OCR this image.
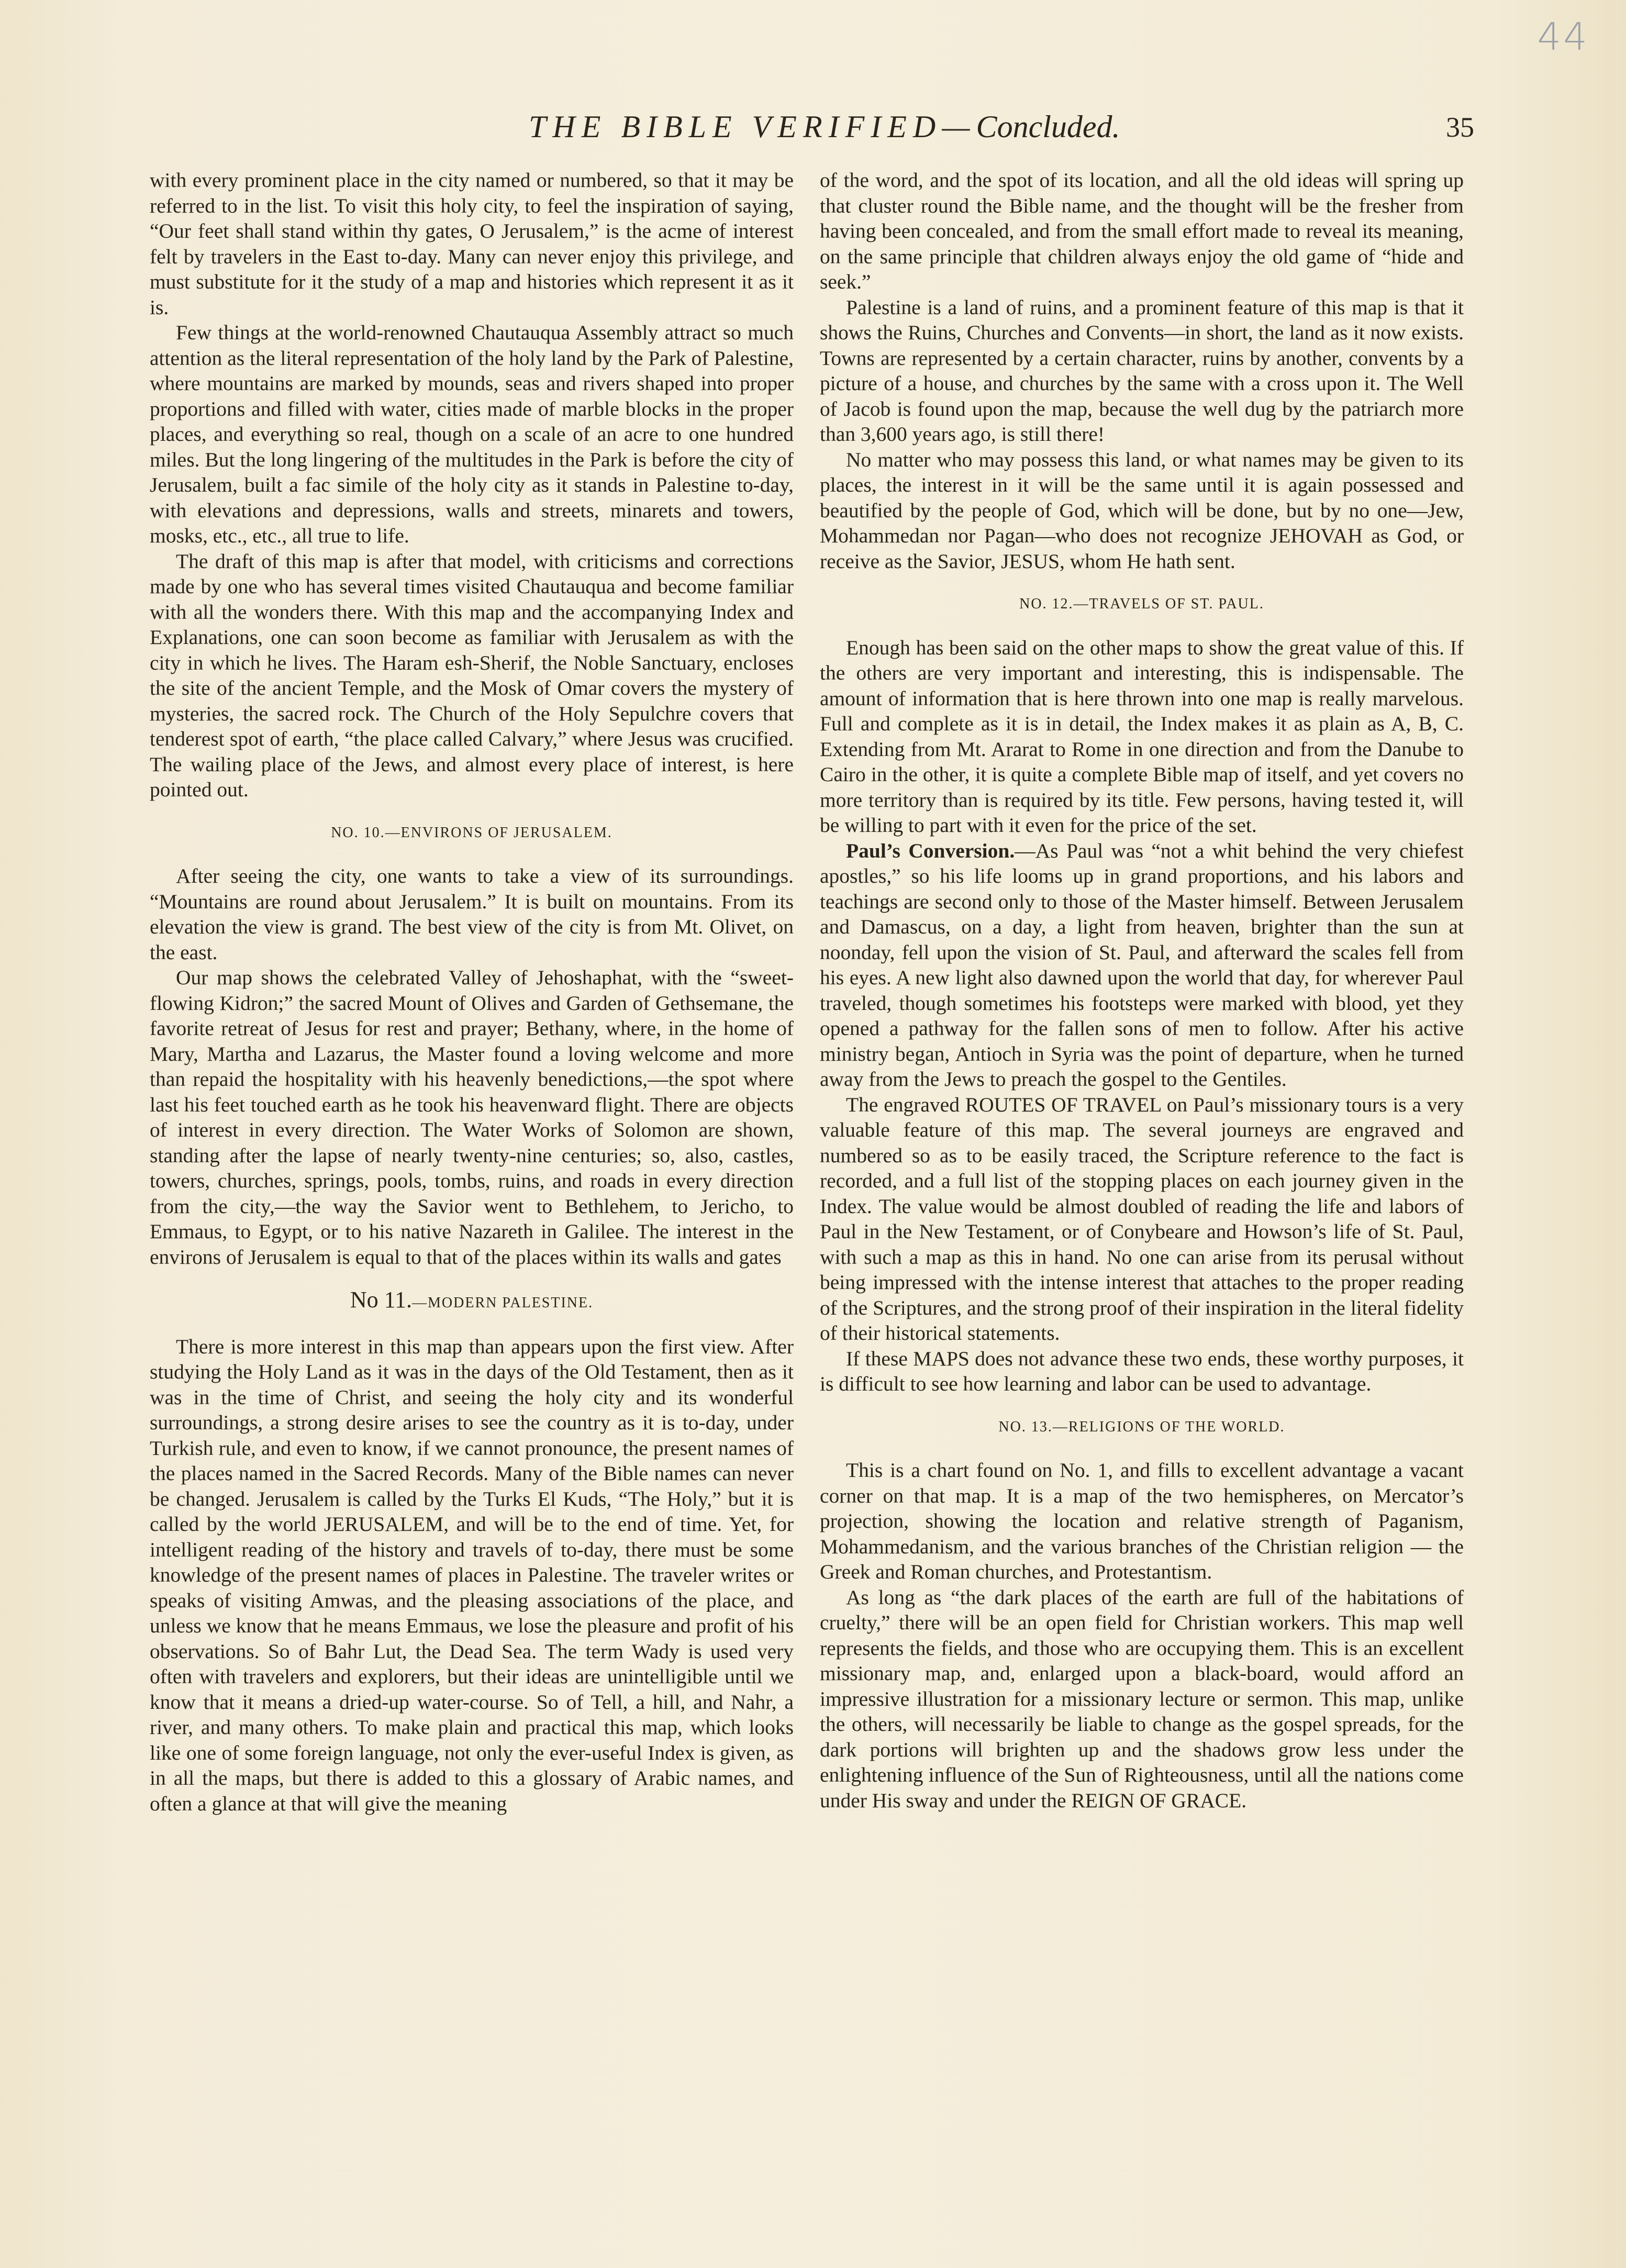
44
THE BIBLE VERIFIED—Concluded.	35

with every prominent place in the city named or numbered, so that it may be referred to in the list. To visit this holy city, to feel the inspiration of saying, “Our feet shall stand within thy gates, O Jerusalem,” is the acme of interest felt by travelers in the East to-day. Many can never enjoy this privilege, and must substitute for it the study of a map and histories which represent it as it is.

Few things at the world-renowned Chautauqua Assembly attract so much attention as the literal representation of the holy land by the Park of Palestine, where mountains are marked by mounds, seas and rivers shaped into proper proportions and filled with water, cities made of marble blocks in the proper places, and everything so real, though on a scale of an acre to one hundred miles. But the long lingering of the multitudes in the Park is before the city of Jerusalem, built a fac simile of the holy city as it stands in Palestine to-day, with elevations and depressions, walls and streets, minarets and towers, mosks, etc., etc., all true to life.

The draft of this map is after that model, with criticisms and corrections made by one who has several times visited Chautauqua and become familiar with all the wonders there. With this map and the accompanying Index and Explanations, one can soon become as familiar with Jerusalem as with the city in which he lives. The Haram esh-Sherif, the Noble Sanctuary, encloses the site of the ancient Temple, and the Mosk of Omar covers the mystery of mysteries, the sacred rock. The Church of the Holy Sepulchre covers that tenderest spot of earth, “the place called Calvary,” where Jesus was crucified. The wailing place of the Jews, and almost every place of interest, is here pointed out.

NO. 10.—ENVIRONS OF JERUSALEM.

After seeing the city, one wants to take a view of its surroundings. “Mountains are round about Jerusalem.” It is built on mountains. From its elevation the view is grand. The best view of the city is from Mt. Olivet, on the east.

Our map shows the celebrated Valley of Jehoshaphat, with the “sweet-flowing Kidron;” the sacred Mount of Olives and Garden of Gethsemane, the favorite retreat of Jesus for rest and prayer; Bethany, where, in the home of Mary, Martha and Lazarus, the Master found a loving welcome and more than repaid the hospitality with his heavenly benedictions,—the spot where last his feet touched earth as he took his heavenward flight. There are objects of interest in every direction. The Water Works of Solomon are shown, standing after the lapse of nearly twenty-nine centuries; so, also, castles, towers, churches, springs, pools, tombs, ruins, and roads in every direction from the city,—the way the Savior went to Bethlehem, to Jericho, to Emmaus, to Egypt, or to his native Nazareth in Galilee. The interest in the environs of Jerusalem is equal to that of the places within its walls and gates

No 11.—MODERN PALESTINE.

There is more interest in this map than appears upon the first view. After studying the Holy Land as it was in the days of the Old Testament, then as it was in the time of Christ, and seeing the holy city and its wonderful surroundings, a strong desire arises to see the country as it is to-day, under Turkish rule, and even to know, if we cannot pronounce, the present names of the places named in the Sacred Records. Many of the Bible names can never be changed. Jerusalem is called by the Turks El Kuds, “The Holy,” but it is called by the world JERUSALEM, and will be to the end of time. Yet, for intelligent reading of the history and travels of to-day, there must be some knowledge of the present names of places in Palestine. The traveler writes or speaks of visiting Amwas, and the pleasing associations of the place, and unless we know that he means Emmaus, we lose the pleasure and profit of his observations. So of Bahr Lut, the Dead Sea. The term Wady is used very often with travelers and explorers, but their ideas are unintelligible until we know that it means a dried-up water-course. So of Tell, a hill, and Nahr, a river, and many others. To make plain and practical this map, which looks like one of some foreign language, not only the ever-useful Index is given, as in all the maps, but there is added to this a glossary of Arabic names, and often a glance at that will give the meaning

of the word, and the spot of its location, and all the old ideas will spring up that cluster round the Bible name, and the thought will be the fresher from having been concealed, and from the small effort made to reveal its meaning, on the same principle that children always enjoy the old game of “hide and seek.”

Palestine is a land of ruins, and a prominent feature of this map is that it shows the Ruins, Churches and Convents—in short, the land as it now exists. Towns are represented by a certain character, ruins by another, convents by a picture of a house, and churches by the same with a cross upon it. The Well of Jacob is found upon the map, because the well dug by the patriarch more than 3,600 years ago, is still there!

No matter who may possess this land, or what names may be given to its places, the interest in it will be the same until it is again possessed and beautified by the people of God, which will be done, but by no one—Jew, Mohammedan nor Pagan—who does not recognize JEHOVAH as God, or receive as the Savior, JESUS, whom He hath sent.

NO. 12.—TRAVELS OF ST. PAUL.

Enough has been said on the other maps to show the great value of this. If the others are very important and interesting, this is indispensable. The amount of information that is here thrown into one map is really marvelous. Full and complete as it is in detail, the Index makes it as plain as A, B, C. Extending from Mt. Ararat to Rome in one direction and from the Danube to Cairo in the other, it is quite a complete Bible map of itself, and yet covers no more territory than is required by its title. Few persons, having tested it, will be willing to part with it even for the price of the set.

Paul’s Conversion.—As Paul was “not a whit behind the very chiefest apostles,” so his life looms up in grand proportions, and his labors and teachings are second only to those of the Master himself. Between Jerusalem and Damascus, on a day, a light from heaven, brighter than the sun at noonday, fell upon the vision of St. Paul, and afterward the scales fell from his eyes. A new light also dawned upon the world that day, for wherever Paul traveled, though sometimes his footsteps were marked with blood, yet they opened a pathway for the fallen sons of men to follow. After his active ministry began, Antioch in Syria was the point of departure, when he turned away from the Jews to preach the gospel to the Gentiles.

The engraved ROUTES OF TRAVEL on Paul’s missionary tours is a very valuable feature of this map. The several journeys are engraved and numbered so as to be easily traced, the Scripture reference to the fact is recorded, and a full list of the stopping places on each journey given in the Index. The value would be almost doubled of reading the life and labors of Paul in the New Testament, or of Conybeare and Howson’s life of St. Paul, with such a map as this in hand. No one can arise from its perusal without being impressed with the intense interest that attaches to the proper reading of the Scriptures, and the strong proof of their inspiration in the literal fidelity of their historical statements.

If these MAPS does not advance these two ends, these worthy purposes, it is difficult to see how learning and labor can be used to advantage.

NO. 13.—RELIGIONS OF THE WORLD.

This is a chart found on No. 1, and fills to excellent advantage a vacant corner on that map. It is a map of the two hemispheres, on Mercator’s projection, showing the location and relative strength of Paganism, Mohammedanism, and the various branches of the Christian religion — the Greek and Roman churches, and Protestantism.

As long as “the dark places of the earth are full of the habitations of cruelty,” there will be an open field for Christian workers. This map well represents the fields, and those who are occupying them. This is an excellent missionary map, and, enlarged upon a black-board, would afford an impressive illustration for a missionary lecture or sermon. This map, unlike the others, will necessarily be liable to change as the gospel spreads, for the dark portions will brighten up and the shadows grow less under the enlightening influence of the Sun of Righteousness, until all the nations come under His sway and under the REIGN OF GRACE.
